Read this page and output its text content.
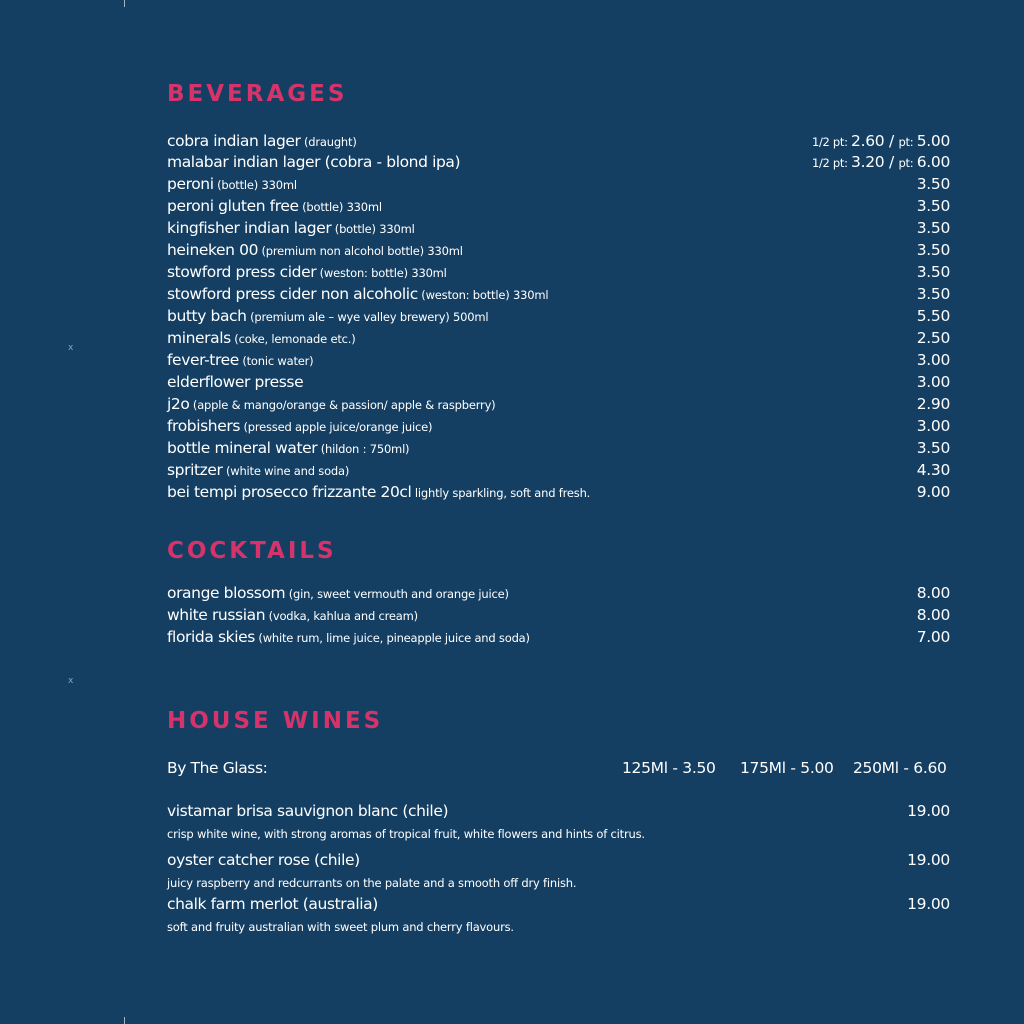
x
x
BEVERAGES
cobra indian lager (draught)	1/2 pt: 2.60 / pt: 5.00
malabar indian lager (cobra - blond ipa)	1/2 pt: 3.20 / pt: 6.00
peroni (bottle) 330ml	3.50
peroni gluten free (bottle) 330ml	3.50
kingfisher indian lager (bottle) 330ml	3.50
heineken 00 (premium non alcohol bottle) 330ml	3.50
stowford press cider (weston: bottle) 330ml	3.50
stowford press cider non alcoholic (weston: bottle) 330ml	3.50
butty bach (premium ale – wye valley brewery) 500ml	5.50
minerals (coke, lemonade etc.)	2.50
fever-tree (tonic water)	3.00
elderflower presse	3.00
j2o (apple & mango/orange & passion/ apple & raspberry)	2.90
frobishers (pressed apple juice/orange juice)	3.00
bottle mineral water (hildon : 750ml)	3.50
spritzer (white wine and soda)	4.30
bei tempi prosecco frizzante 20cl lightly sparkling, soft and fresh.	9.00
COCKTAILS
orange blossom (gin, sweet vermouth and orange juice)	8.00
white russian (vodka, kahlua and cream)	8.00
florida skies (white rum, lime juice, pineapple juice and soda)	7.00
HOUSE WINES
By The Glass:	125Ml - 3.50 175Ml - 5.00 250Ml - 6.60
vistamar brisa sauvignon blanc (chile)	19.00
crisp white wine, with strong aromas of tropical fruit, white flowers and hints of citrus.
oyster catcher rose (chile)	19.00
juicy raspberry and redcurrants on the palate and a smooth off dry finish.
chalk farm merlot (australia)	19.00
soft and fruity australian with sweet plum and cherry flavours.
